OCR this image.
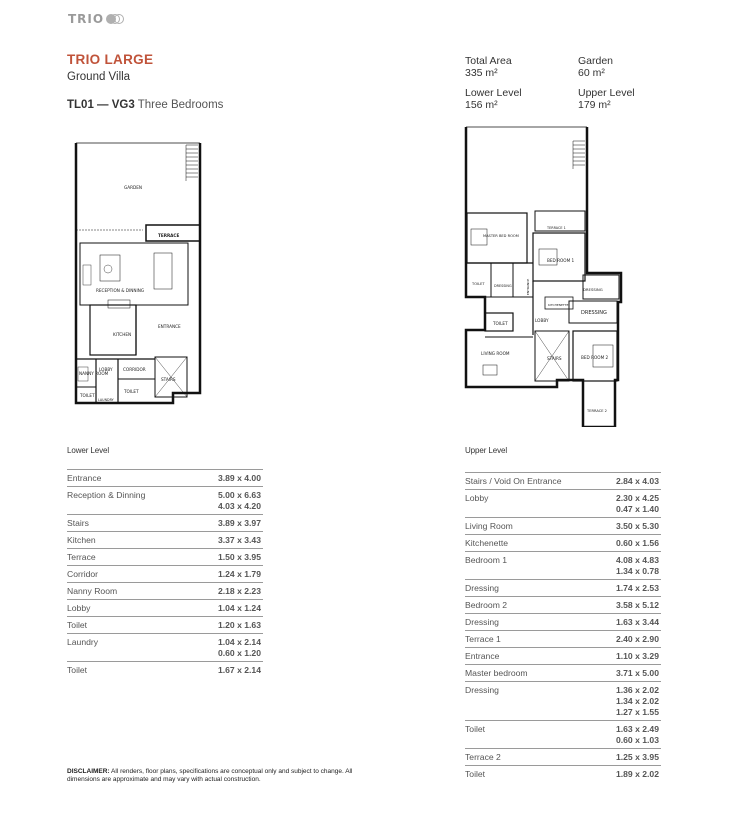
TRIO
TRIO LARGE
Ground Villa
TL01 — VG3 Three Bedrooms
Total Area
335 m²
Garden
60 m²
Lower Level
156 m²
Upper Level
179 m²
GARDEN
TERRACE
RECEPTION & DINNING
KITCHEN
ENTRANCE
NANNY ROOM
LOBBY CORRIDOR
STAIRS
TOILET
TOILET
LAUNDRY
TERRACE 1
MASTER BED ROOM
BED ROOM 1
TOILET	DRESSING	ENTRANCE	DRESSING
KITCHENETTE
DRESSING
TOILET
LOBBY
LIVING ROOM
STAIRS	BED ROOM 2
TERRACE 2
Lower Level	Upper Level
Entrance	3.89 x 4.00
Reception & Dinning	5.00 x 6.63
4.03 x 4.20
Stairs	3.89 x 3.97
Kitchen	3.37 x 3.43
Terrace	1.50 x 3.95
Corridor	1.24 x 1.79
Nanny Room	2.18 x 2.23
Lobby	1.04 x 1.24
Toilet	1.20 x 1.63
Laundry	1.04 x 2.14
0.60 x 1.20
Toilet	1.67 x 2.14
Stairs / Void On Entrance	2.84 x 4.03
Lobby	2.30 x 4.25
0.47 x 1.40
Living Room	3.50 x 5.30
Kitchenette	0.60 x 1.56
Bedroom 1	4.08 x 4.83
1.34 x 0.78
Dressing	1.74 x 2.53
Bedroom 2	3.58 x 5.12
Dressing	1.63 x 3.44
Terrace 1	2.40 x 2.90
Entrance	1.10 x 3.29
Master bedroom	3.71 x 5.00
Dressing	1.36 x 2.02
1.34 x 2.02
1.27 x 1.55
Toilet	1.63 x 2.49
0.60 x 1.03
Terrace 2	1.25 x 3.95
Toilet	1.89 x 2.02
DISCLAIMER: All renders, floor plans, specifications are conceptual only and subject to change. All dimensions are approximate and may vary with actual construction.
